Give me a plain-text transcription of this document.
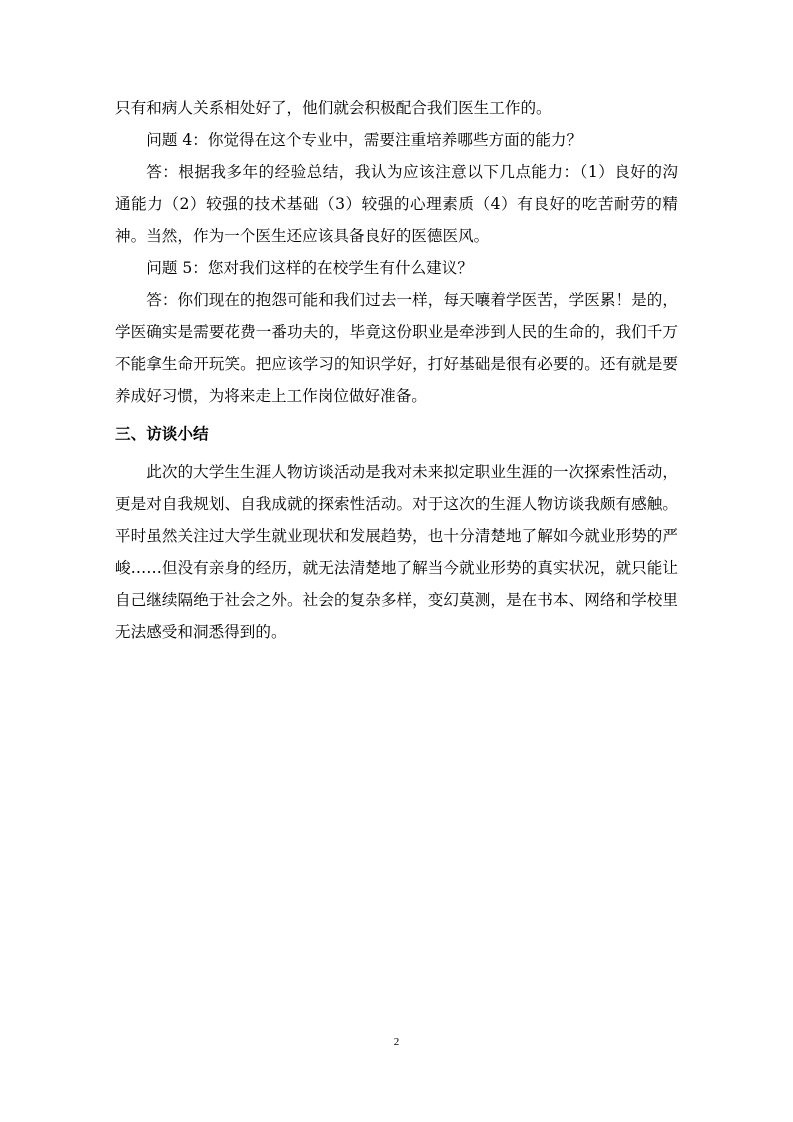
只有和病人关系相处好了，他们就会积极配合我们医生工作的。

问题 4：你觉得在这个专业中，需要注重培养哪些方面的能力？

答：根据我多年的经验总结，我认为应该注意以下几点能力：（1）良好的沟通能力（2）较强的技术基础（3）较强的心理素质（4）有良好的吃苦耐劳的精神。当然，作为一个医生还应该具备良好的医德医风。

问题 5：您对我们这样的在校学生有什么建议？

答：你们现在的抱怨可能和我们过去一样，每天嚷着学医苦，学医累！是的，学医确实是需要花费一番功夫的，毕竟这份职业是牵涉到人民的生命的，我们千万不能拿生命开玩笑。把应该学习的知识学好，打好基础是很有必要的。还有就是要养成好习惯，为将来走上工作岗位做好准备。

三、访谈小结

此次的大学生生涯人物访谈活动是我对未来拟定职业生涯的一次探索性活动，更是对自我规划、自我成就的探索性活动。对于这次的生涯人物访谈我颇有感触。平时虽然关注过大学生就业现状和发展趋势，也十分清楚地了解如今就业形势的严峻……但没有亲身的经历，就无法清楚地了解当今就业形势的真实状况，就只能让自己继续隔绝于社会之外。社会的复杂多样，变幻莫测，是在书本、网络和学校里无法感受和洞悉得到的。

2
